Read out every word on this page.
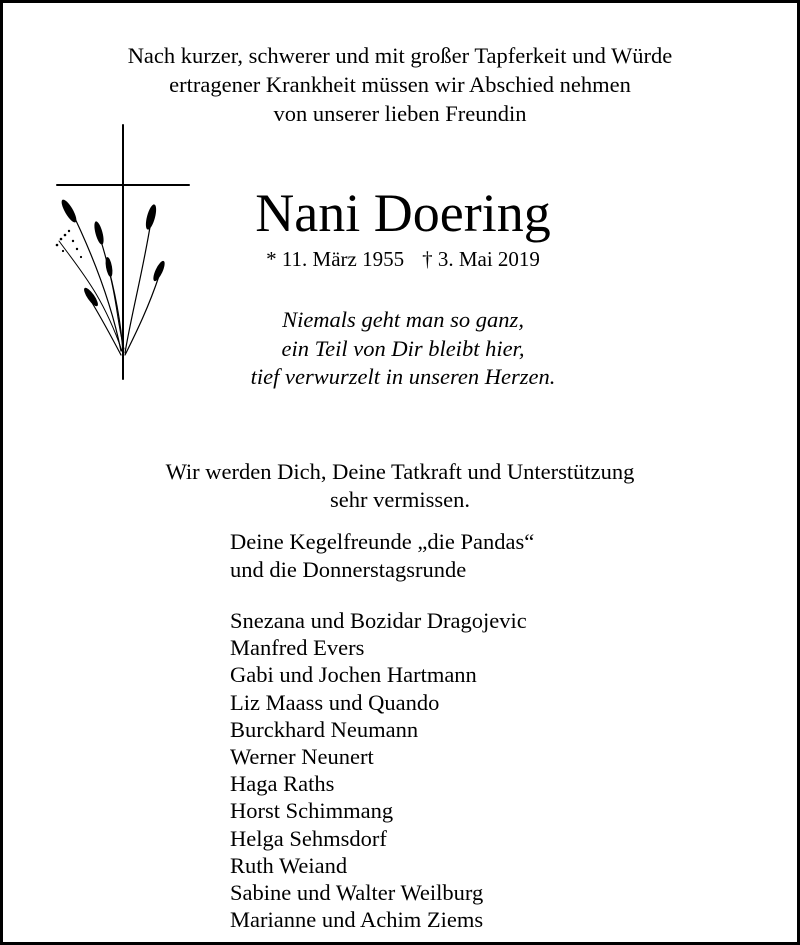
Nach kurzer, schwerer und mit großer Tapferkeit und Würde
ertragener Krankheit müssen wir Abschied nehmen
von unserer lieben Freundin
Nani Doering
* 11. März 1955 † 3. Mai 2019
Niemals geht man so ganz,
ein Teil von Dir bleibt hier,
tief verwurzelt in unseren Herzen.
Wir werden Dich, Deine Tatkraft und Unterstützung
sehr vermissen.
Deine Kegelfreunde „die Pandas“
und die Donnerstagsrunde
Snezana und Bozidar Dragojevic
Manfred Evers
Gabi und Jochen Hartmann
Liz Maass und Quando
Burckhard Neumann
Werner Neunert
Haga Raths
Horst Schimmang
Helga Sehmsdorf
Ruth Weiand
Sabine und Walter Weilburg
Marianne und Achim Ziems
